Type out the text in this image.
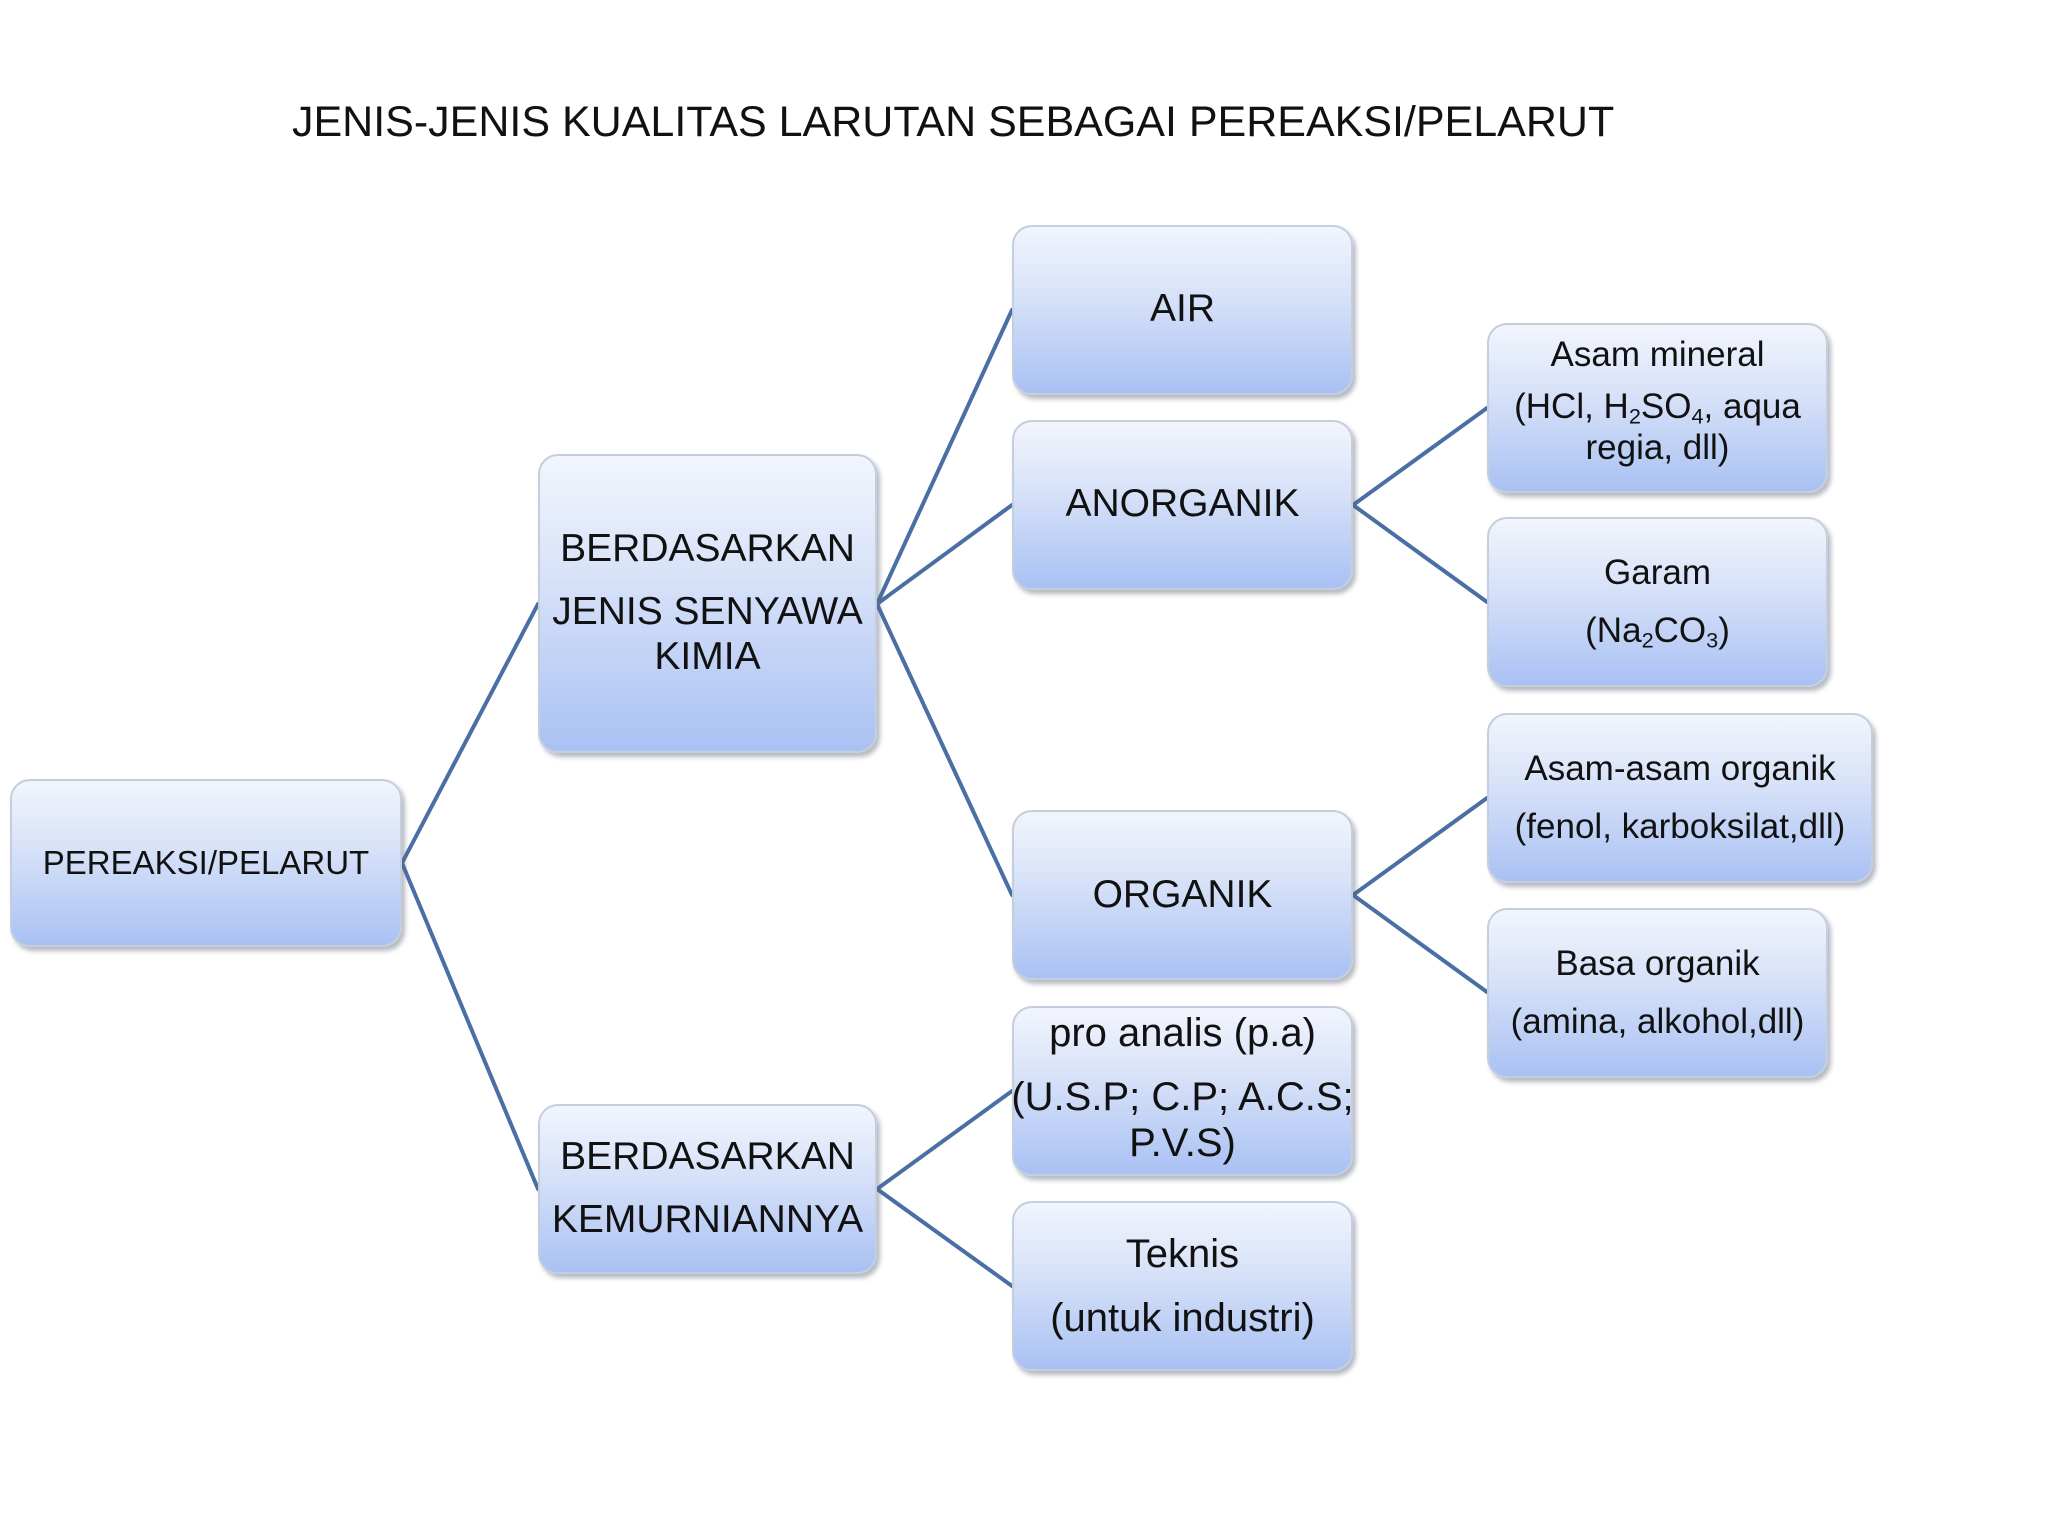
JENIS-JENIS KUALITAS LARUTAN SEBAGAI PEREAKSI/PELARUT
PEREAKSI/PELARUT
BERDASARKAN
JENIS SENYAWA
KIMIA
BERDASARKAN
KEMURNIANNYA
AIR
ANORGANIK
ORGANIK
pro analis (p.a)
(U.S.P; C.P; A.C.S;
P.V.S)
Teknis
(untuk industri)
Asam mineral
(HCl, $H_2SO_4$, aqua
regia, dll)
Garam
$(Na_2CO_3)$
Asam-asam organik
(fenol, karboksilat,dll)
Basa organik
(amina, alkohol,dll)
